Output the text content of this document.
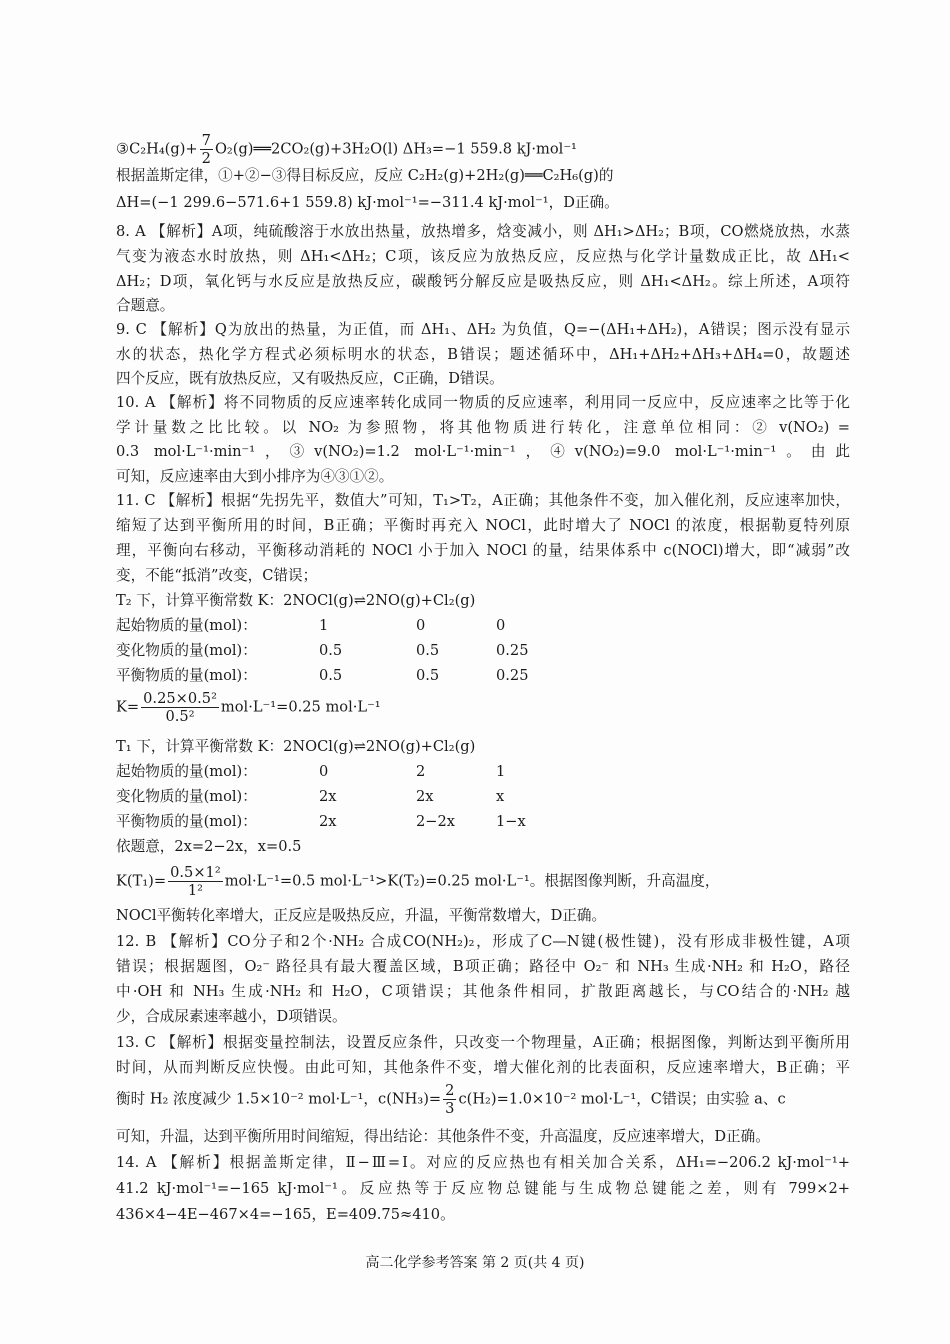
③C₂H₄(g)+ $\frac{7}{2}$ O₂(g)══2CO₂(g)+3H₂O(l) ΔH₃=−1 559.8 kJ·mol⁻¹
根据盖斯定律，①+②−③得目标反应，反应 C₂H₂(g)+2H₂(g)══C₂H₆(g)的
ΔH=(−1 299.6−571.6+1 559.8) kJ·mol⁻¹=−311.4 kJ·mol⁻¹，D正确。
8. A 【解析】A项，纯硫酸溶于水放出热量，放热增多，焓变减小，则 ΔH₁>ΔH₂；B项，CO燃烧放热，水蒸
气变为液态水时放热，则 ΔH₁<ΔH₂；C项，该反应为放热反应，反应热与化学计量数成正比，故 ΔH₁<
ΔH₂；D项，氧化钙与水反应是放热反应，碳酸钙分解反应是吸热反应，则 ΔH₁<ΔH₂。综上所述，A项符
合题意。
9. C 【解析】Q为放出的热量，为正值，而 ΔH₁、ΔH₂ 为负值，Q=−(ΔH₁+ΔH₂)，A错误；图示没有显示
水的状态，热化学方程式必须标明水的状态，B错误；题述循环中，ΔH₁+ΔH₂+ΔH₃+ΔH₄=0，故题述
四个反应，既有放热反应，又有吸热反应，C正确，D错误。
10. A 【解析】将不同物质的反应速率转化成同一物质的反应速率，利用同一反应中，反应速率之比等于化
学计量数之比比较。以 NO₂ 为参照物，将其他物质进行转化，注意单位相同：② v(NO₂) =
0.3 mol·L⁻¹·min⁻¹，③v(NO₂)=1.2 mol·L⁻¹·min⁻¹，④v(NO₂)=9.0 mol·L⁻¹·min⁻¹。由此
可知，反应速率由大到小排序为④③①②。
11. C 【解析】根据“先拐先平，数值大”可知，T₁>T₂，A正确；其他条件不变，加入催化剂，反应速率加快，
缩短了达到平衡所用的时间，B正确；平衡时再充入 NOCl，此时增大了 NOCl 的浓度，根据勒夏特列原
理，平衡向右移动，平衡移动消耗的 NOCl 小于加入 NOCl 的量，结果体系中 c(NOCl)增大，即“减弱”改
变，不能“抵消”改变，C错误；
T₂ 下，计算平衡常数 K：2NOCl(g)⇌2NO(g)+Cl₂(g)
$K= \frac{\text{0.25×0.5²}}{\text{0.5²}} mol\cdot L^{-1}=0.25$ mol·L⁻¹
T₁ 下，计算平衡常数 K：2NOCl(g)⇌2NO(g)+Cl₂(g)
依题意，2x=2−2x，x=0.5
$K(T_1)= \frac{\text{0.5×1²}}{\text{1²}} mol\cdot L^{-1}=0.5$ mol·L⁻¹>K(T₂)=0.25 mol·L⁻¹。根据图像判断，升高温度，
NOCl平衡转化率增大，正反应是吸热反应，升温，平衡常数增大，D正确。
12. B 【解析】CO分子和2个·NH₂ 合成CO(NH₂)₂，形成了C—N键(极性键)，没有形成非极性键，A项
错误；根据题图，O₂⁻ 路径具有最大覆盖区域，B项正确；路径中 O₂⁻ 和 NH₃ 生成·NH₂ 和 H₂O，路径
中·OH 和 NH₃ 生成·NH₂ 和 H₂O，C项错误；其他条件相同，扩散距离越长，与CO结合的·NH₂ 越
少，合成尿素速率越小，D项错误。
13. C 【解析】根据变量控制法，设置反应条件，只改变一个物理量，A正确；根据图像，判断达到平衡所用
时间，从而判断反应快慢。由此可知，其他条件不变，增大催化剂的比表面积，反应速率增大，B正确；平
衡时 H₂ 浓度减少 1.5×10⁻² mol·L⁻¹，$c(NH_3)= \frac{2}{3} c(H_2)=1.0\times 10^{-2}$ mol·L⁻¹，C错误；由实验 a、c
可知，升温，达到平衡所用时间缩短，得出结论：其他条件不变，升高温度，反应速率增大，D正确。
14. A 【解析】根据盖斯定律，Ⅱ−Ⅲ=Ⅰ。对应的反应热也有相关加合关系，ΔH₁=−206.2 kJ·mol⁻¹+
41.2 kJ·mol⁻¹=−165 kJ·mol⁻¹。反应热等于反应物总键能与生成物总键能之差，则有 799×2+
436×4−4E−467×4=−165，E=409.75≈410。
起始物质的量(mol)：	1	0	0
变化物质的量(mol)：	0.5	0.5	0.25
平衡物质的量(mol)：	0.5	0.5	0.25
起始物质的量(mol)：	0	2	1
变化物质的量(mol)：	2x	2x	x
平衡物质的量(mol)：	2x	2−2x	1−x
高二化学参考答案 第 2 页(共 4 页)
